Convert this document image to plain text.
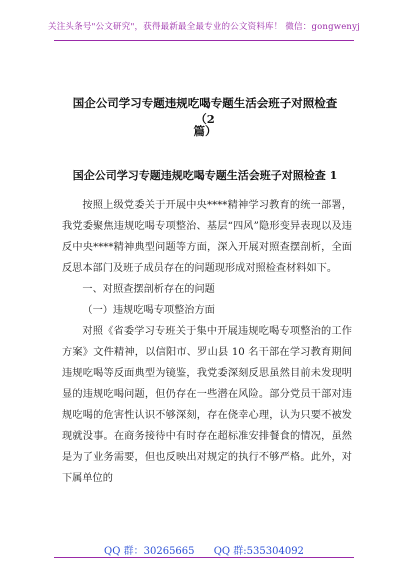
关注头条号"公文研究"，获得最新最全最专业的公文资料库！ 微信：gongwenyj
国企公司学习专题违规吃喝专题生活会班子对照检查（2
篇）
国企公司学习专题违规吃喝专题生活会班子对照检查 1

按照上级党委关于开展中央****精神学习教育的统一部署，我党委聚焦违规吃喝专项整治、基层“四风”隐形变异表现以及违反中央****精神典型问题等方面，深入开展对照查摆剖析，全面反思本部门及班子成员存在的问题现形成对照检查材料如下。

一、对照查摆剖析存在的问题

（一）违规吃喝专项整治方面

对照《省委学习专班关于集中开展违规吃喝专项整治的工作方案》文件精神，以信阳市、罗山县 10 名干部在学习教育期间违规吃喝等反面典型为镜鉴，我党委深刻反思虽然目前未发现明显的违规吃喝问题，但仍存在一些潜在风险。部分党员干部对违规吃喝的危害性认识不够深刻，存在侥幸心理，认为只要不被发现就没事。在商务接待中有时存在超标准安排餐食的情况，虽然是为了业务需要，但也反映出对规定的执行不够严格。此外，对下属单位的

QQ 群：30265665 QQ 群:535304092
